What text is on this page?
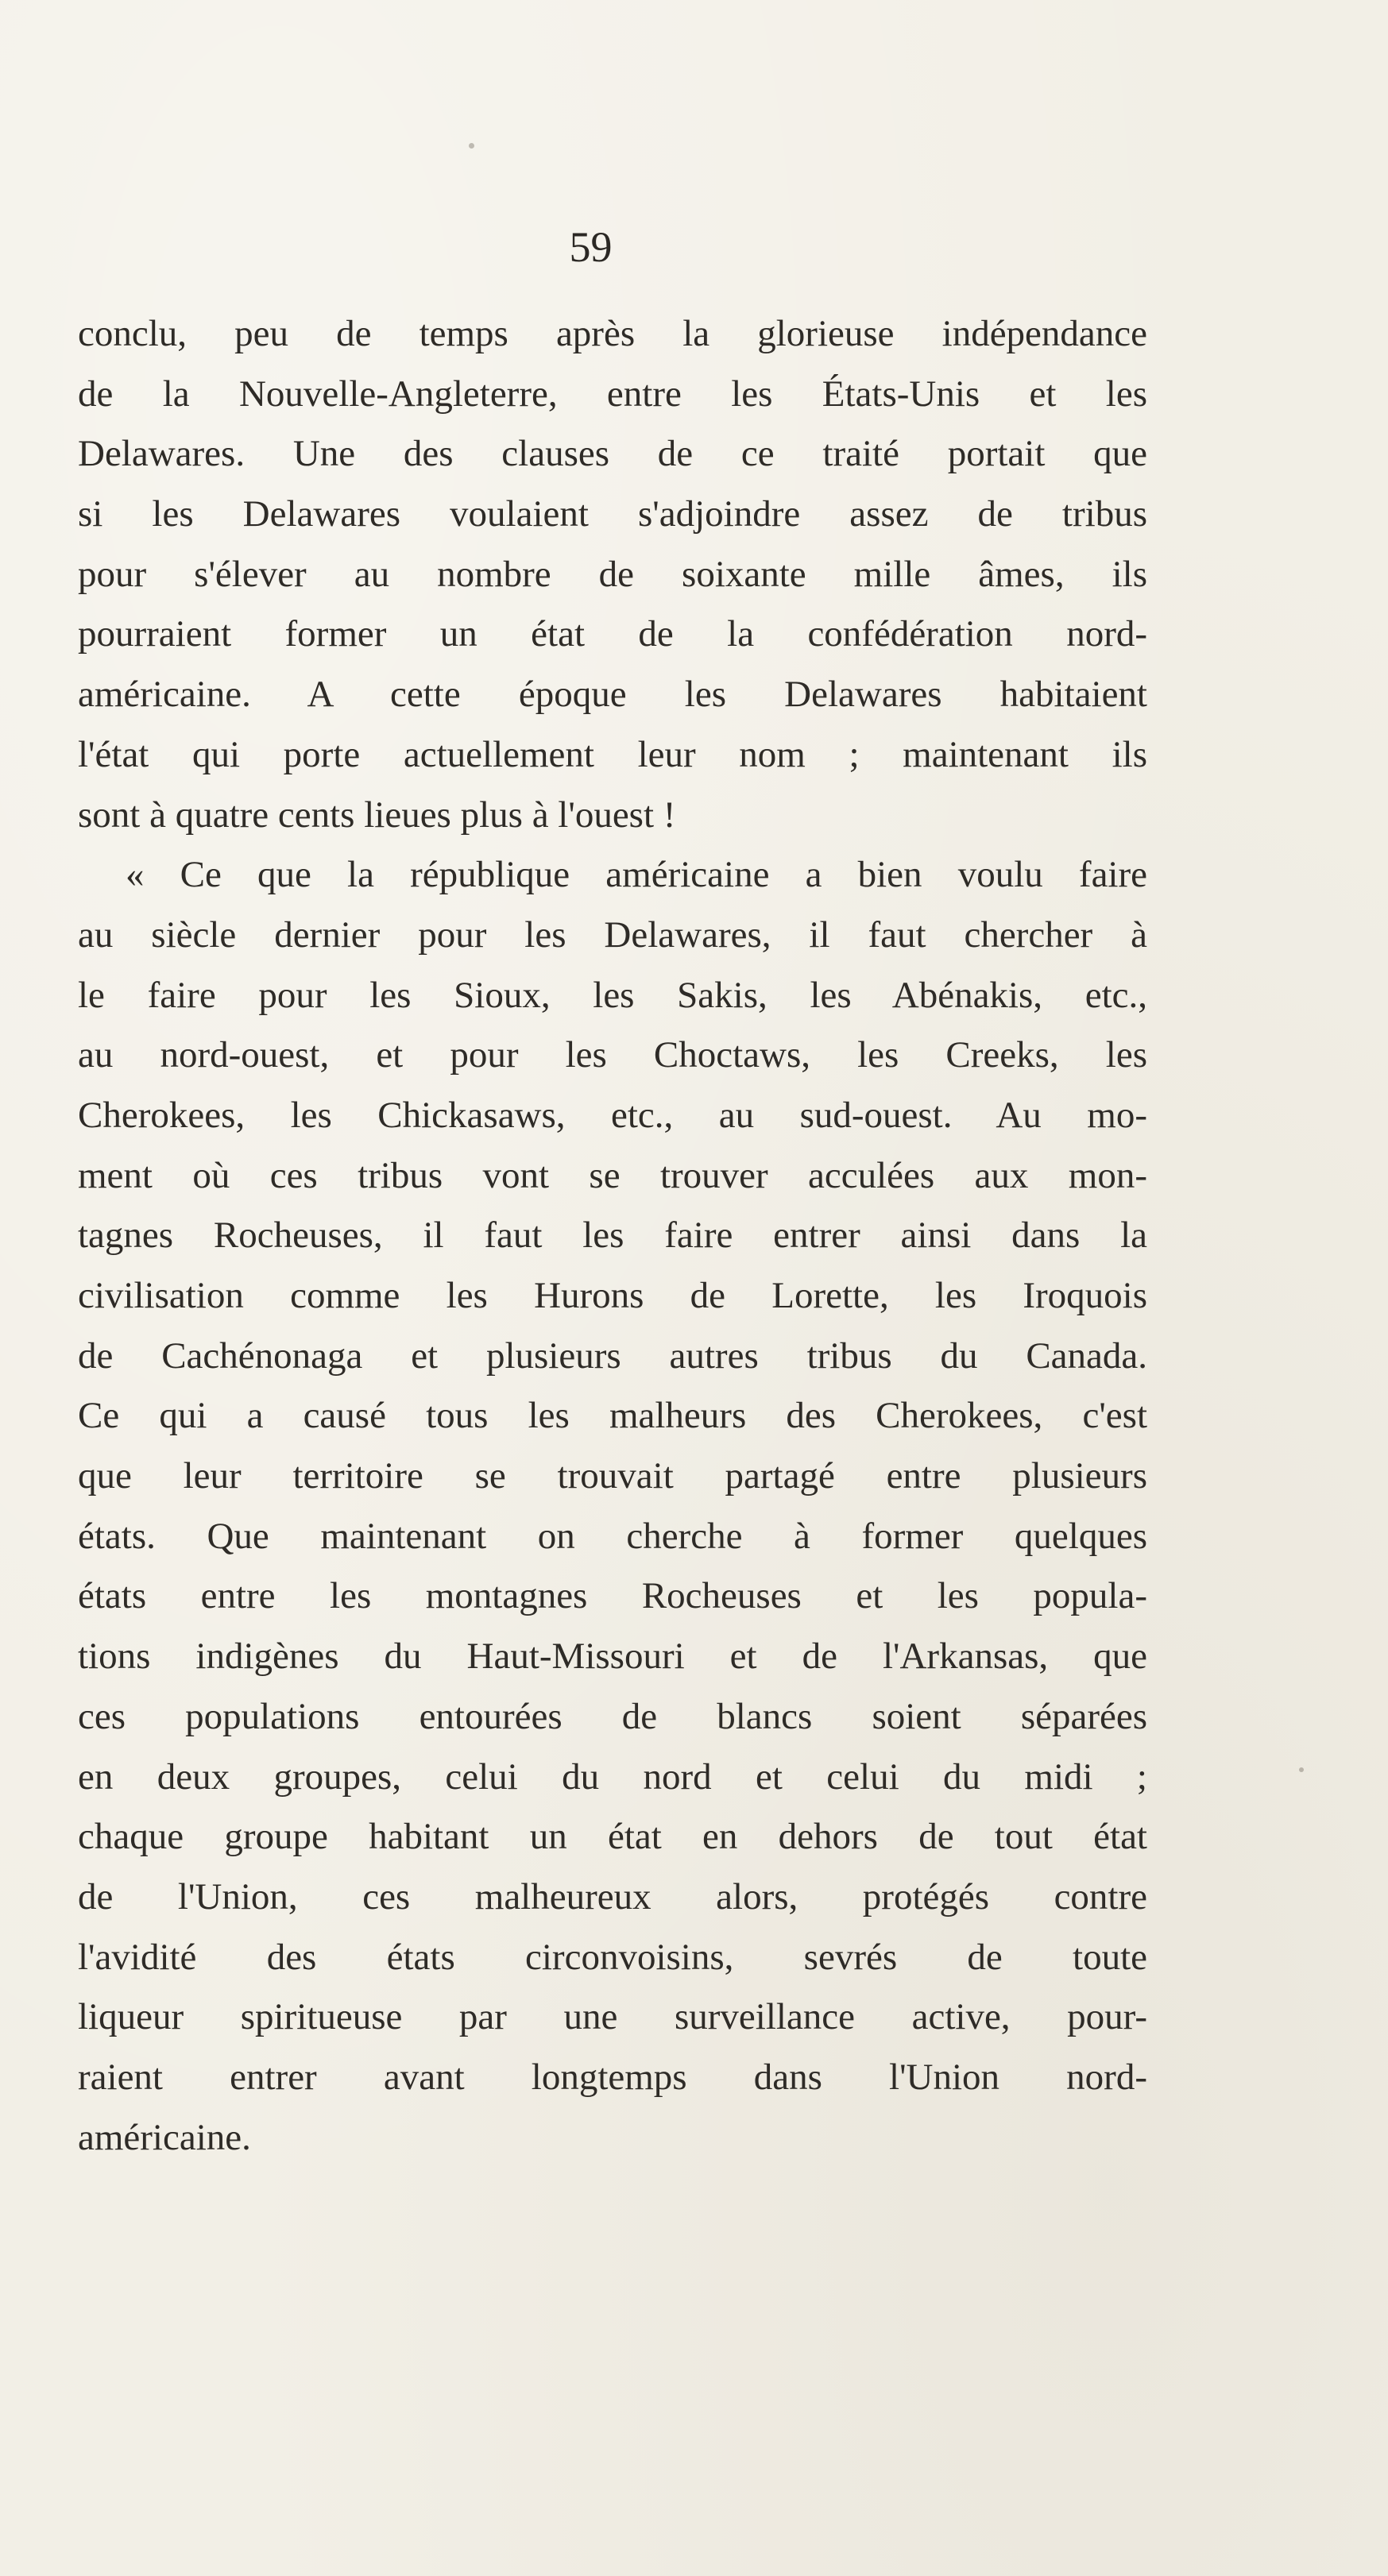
59
conclu, peu de temps après la glorieuse indépendance
de la Nouvelle-Angleterre, entre les États-Unis et les
Delawares. Une des clauses de ce traité portait que
si les Delawares voulaient s'adjoindre assez de tribus
pour s'élever au nombre de soixante mille âmes, ils
pourraient former un état de la confédération nord-
américaine. A cette époque les Delawares habitaient
l'état qui porte actuellement leur nom ; maintenant ils
sont à quatre cents lieues plus à l'ouest !
« Ce que la république américaine a bien voulu faire
au siècle dernier pour les Delawares, il faut chercher à
le faire pour les Sioux, les Sakis, les Abénakis, etc.,
au nord-ouest, et pour les Choctaws, les Creeks, les
Cherokees, les Chickasaws, etc., au sud-ouest. Au mo-
ment où ces tribus vont se trouver acculées aux mon-
tagnes Rocheuses, il faut les faire entrer ainsi dans la
civilisation comme les Hurons de Lorette, les Iroquois
de Cachénonaga et plusieurs autres tribus du Canada.
Ce qui a causé tous les malheurs des Cherokees, c'est
que leur territoire se trouvait partagé entre plusieurs
états. Que maintenant on cherche à former quelques
états entre les montagnes Rocheuses et les popula-
tions indigènes du Haut-Missouri et de l'Arkansas, que
ces populations entourées de blancs soient séparées
en deux groupes, celui du nord et celui du midi ;
chaque groupe habitant un état en dehors de tout état
de l'Union, ces malheureux alors, protégés contre
l'avidité des états circonvoisins, sevrés de toute
liqueur spiritueuse par une surveillance active, pour-
raient entrer avant longtemps dans l'Union nord-
américaine.
